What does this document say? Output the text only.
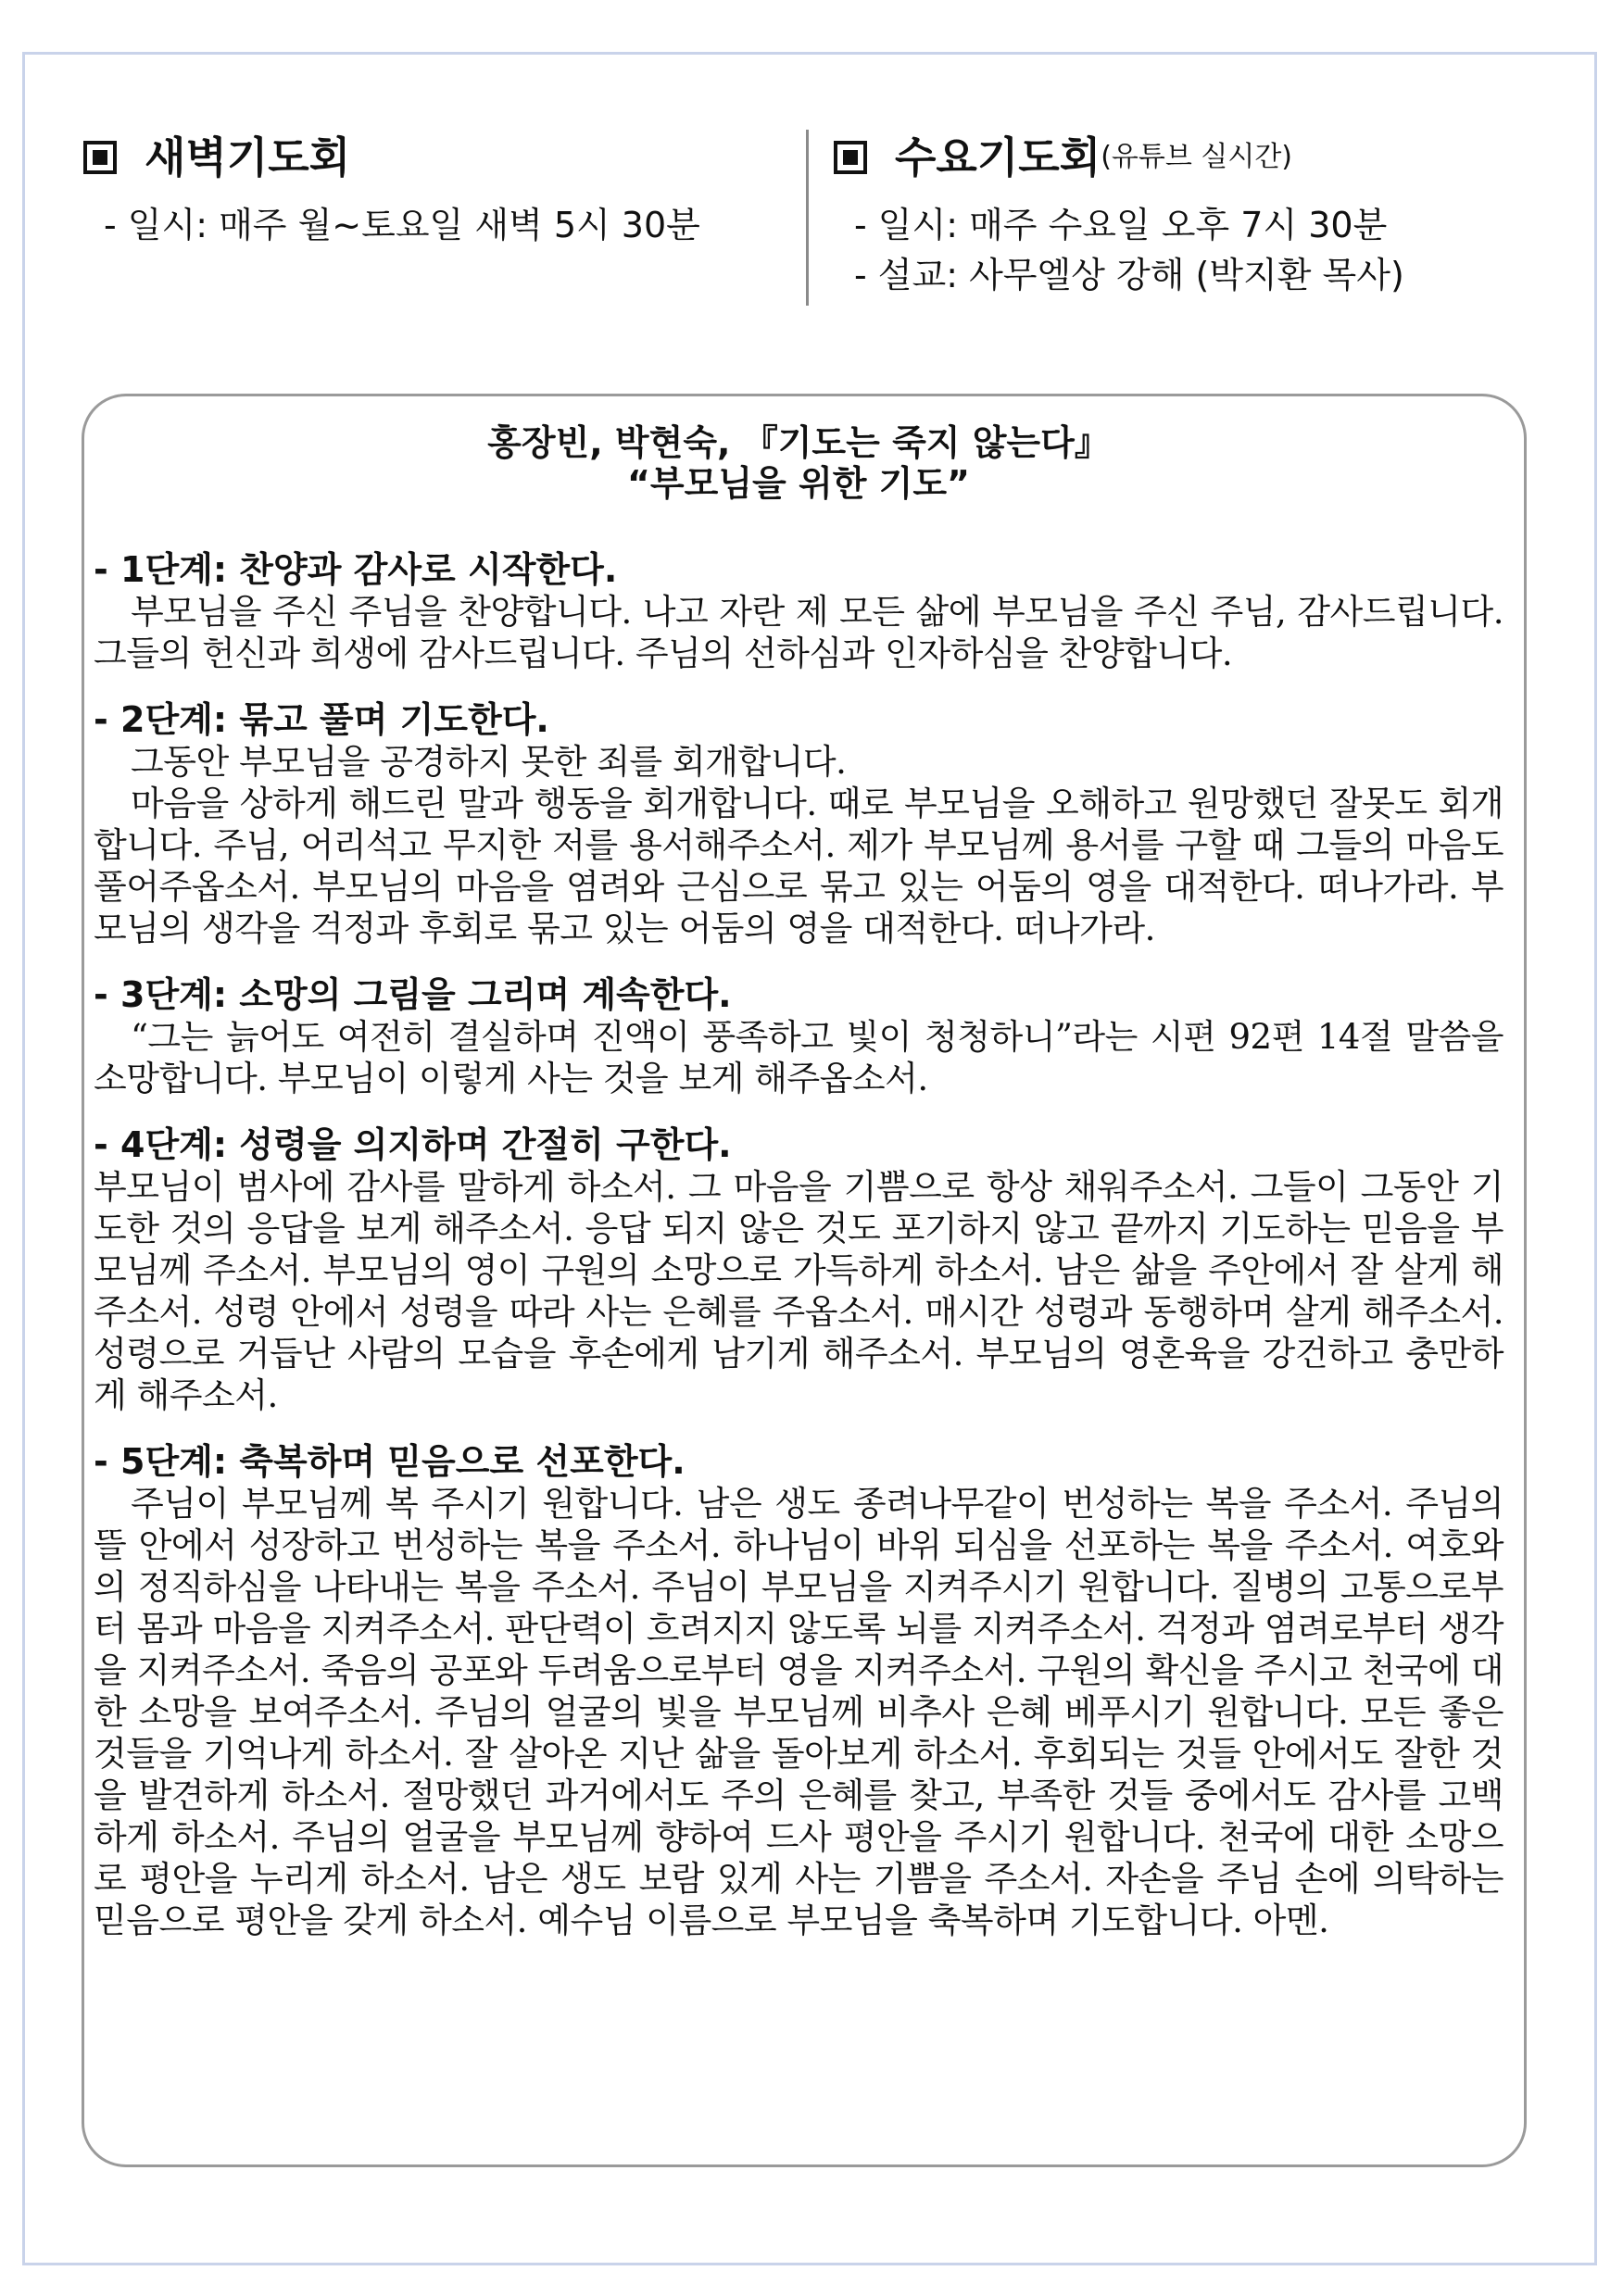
새벽기도회
- 일시: 매주 월~토요일 새벽 5시 30분
수요기도회 (유튜브 실시간)
- 일시: 매주 수요일 오후 7시 30분
- 설교: 사무엘상 강해 (박지환 목사)

홍장빈, 박현숙, 『기도는 죽지 않는다』

“부모님을 위한 기도”

- 1단계: 찬양과 감사로 시작한다.

부모님을 주신 주님을 찬양합니다. 나고 자란 제 모든 삶에 부모님을 주신 주님, 감사드립니다. 그들의 헌신과 희생에 감사드립니다. 주님의 선하심과 인자하심을 찬양합니다.

- 2단계: 묶고 풀며 기도한다.

그동안 부모님을 공경하지 못한 죄를 회개합니다.

마음을 상하게 해드린 말과 행동을 회개합니다. 때로 부모님을 오해하고 원망했던 잘못도 회개합니다. 주님, 어리석고 무지한 저를 용서해주소서. 제가 부모님께 용서를 구할 때 그들의 마음도 풀어주옵소서. 부모님의 마음을 염려와 근심으로 묶고 있는 어둠의 영을 대적한다. 떠나가라. 부모님의 생각을 걱정과 후회로 묶고 있는 어둠의 영을 대적한다. 떠나가라.

- 3단계: 소망의 그림을 그리며 계속한다.

“그는 늙어도 여전히 결실하며 진액이 풍족하고 빛이 청청하니”라는 시편 92편 14절 말씀을 소망합니다. 부모님이 이렇게 사는 것을 보게 해주옵소서.

- 4단계: 성령을 의지하며 간절히 구한다.

부모님이 범사에 감사를 말하게 하소서. 그 마음을 기쁨으로 항상 채워주소서. 그들이 그동안 기도한 것의 응답을 보게 해주소서. 응답 되지 않은 것도 포기하지 않고 끝까지 기도하는 믿음을 부모님께 주소서. 부모님의 영이 구원의 소망으로 가득하게 하소서. 남은 삶을 주안에서 잘 살게 해주소서. 성령 안에서 성령을 따라 사는 은혜를 주옵소서. 매시간 성령과 동행하며 살게 해주소서. 성령으로 거듭난 사람의 모습을 후손에게 남기게 해주소서. 부모님의 영혼육을 강건하고 충만하게 해주소서.

- 5단계: 축복하며 믿음으로 선포한다.

주님이 부모님께 복 주시기 원합니다. 남은 생도 종려나무같이 번성하는 복을 주소서. 주님의 뜰 안에서 성장하고 번성하는 복을 주소서. 하나님이 바위 되심을 선포하는 복을 주소서. 여호와의 정직하심을 나타내는 복을 주소서. 주님이 부모님을 지켜주시기 원합니다. 질병의 고통으로부터 몸과 마음을 지켜주소서. 판단력이 흐려지지 않도록 뇌를 지켜주소서. 걱정과 염려로부터 생각을 지켜주소서. 죽음의 공포와 두려움으로부터 영을 지켜주소서. 구원의 확신을 주시고 천국에 대한 소망을 보여주소서. 주님의 얼굴의 빛을 부모님께 비추사 은혜 베푸시기 원합니다. 모든 좋은 것들을 기억나게 하소서. 잘 살아온 지난 삶을 돌아보게 하소서. 후회되는 것들 안에서도 잘한 것을 발견하게 하소서. 절망했던 과거에서도 주의 은혜를 찾고, 부족한 것들 중에서도 감사를 고백하게 하소서. 주님의 얼굴을 부모님께 향하여 드사 평안을 주시기 원합니다. 천국에 대한 소망으로 평안을 누리게 하소서. 남은 생도 보람 있게 사는 기쁨을 주소서. 자손을 주님 손에 의탁하는 믿음으로 평안을 갖게 하소서. 예수님 이름으로 부모님을 축복하며 기도합니다. 아멘.
